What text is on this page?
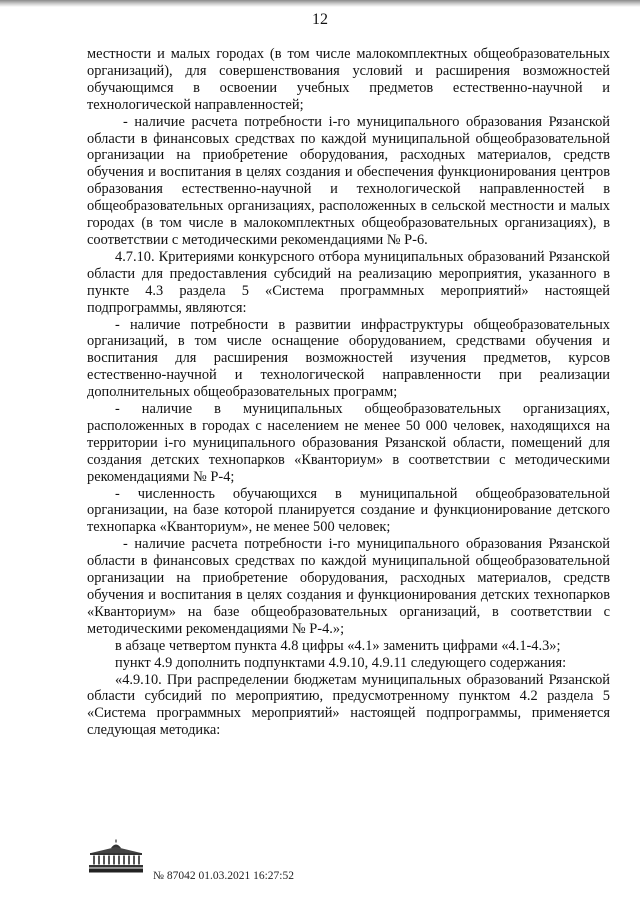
12

местности и малых городах (в том числе малокомплектных общеобразовательных организаций), для совершенствования условий и расширения возможностей обучающимся в освоении учебных предметов естественно-научной и технологической направленностей;

- наличие расчета потребности i-го муниципального образования Рязанской области в финансовых средствах по каждой муниципальной общеобразовательной организации на приобретение оборудования, расходных материалов, средств обучения и воспитания в целях создания и обеспечения функционирования центров образования естественно-научной и технологической направленностей в общеобразовательных организациях, расположенных в сельской местности и малых городах (в том числе в малокомплектных общеобразовательных организациях), в соответствии с методическими рекомендациями № Р-6.

4.7.10. Критериями конкурсного отбора муниципальных образований Рязанской области для предоставления субсидий на реализацию мероприятия, указанного в пункте 4.3 раздела 5 «Система программных мероприятий» настоящей подпрограммы, являются:

- наличие потребности в развитии инфраструктуры общеобразовательных организаций, в том числе оснащение оборудованием, средствами обучения и воспитания для расширения возможностей изучения предметов, курсов естественно-научной и технологической направленности при реализации дополнительных общеобразовательных программ;

- наличие в муниципальных общеобразовательных организациях, расположенных в городах с населением не менее 50 000 человек, находящихся на территории i-го муниципального образования Рязанской области, помещений для создания детских технопарков «Кванториум» в соответствии с методическими рекомендациями № Р-4;

- численность обучающихся в муниципальной общеобразовательной организации, на базе которой планируется создание и функционирование детского технопарка «Кванториум», не менее 500 человек;

- наличие расчета потребности i-го муниципального образования Рязанской области в финансовых средствах по каждой муниципальной общеобразовательной организации на приобретение оборудования, расходных материалов, средств обучения и воспитания в целях создания и функционирования детских технопарков «Кванториум» на базе общеобразовательных организаций, в соответствии с методическими рекомендациями № Р-4.»;

в абзаце четвертом пункта 4.8 цифры «4.1» заменить цифрами «4.1-4.3»;

пункт 4.9 дополнить подпунктами 4.9.10, 4.9.11 следующего содержания:

«4.9.10. При распределении бюджетам муниципальных образований Рязанской области субсидий по мероприятию, предусмотренному пунктом 4.2 раздела 5 «Система программных мероприятий» настоящей подпрограммы, применяется следующая методика:

№ 87042 01.03.2021 16:27:52
